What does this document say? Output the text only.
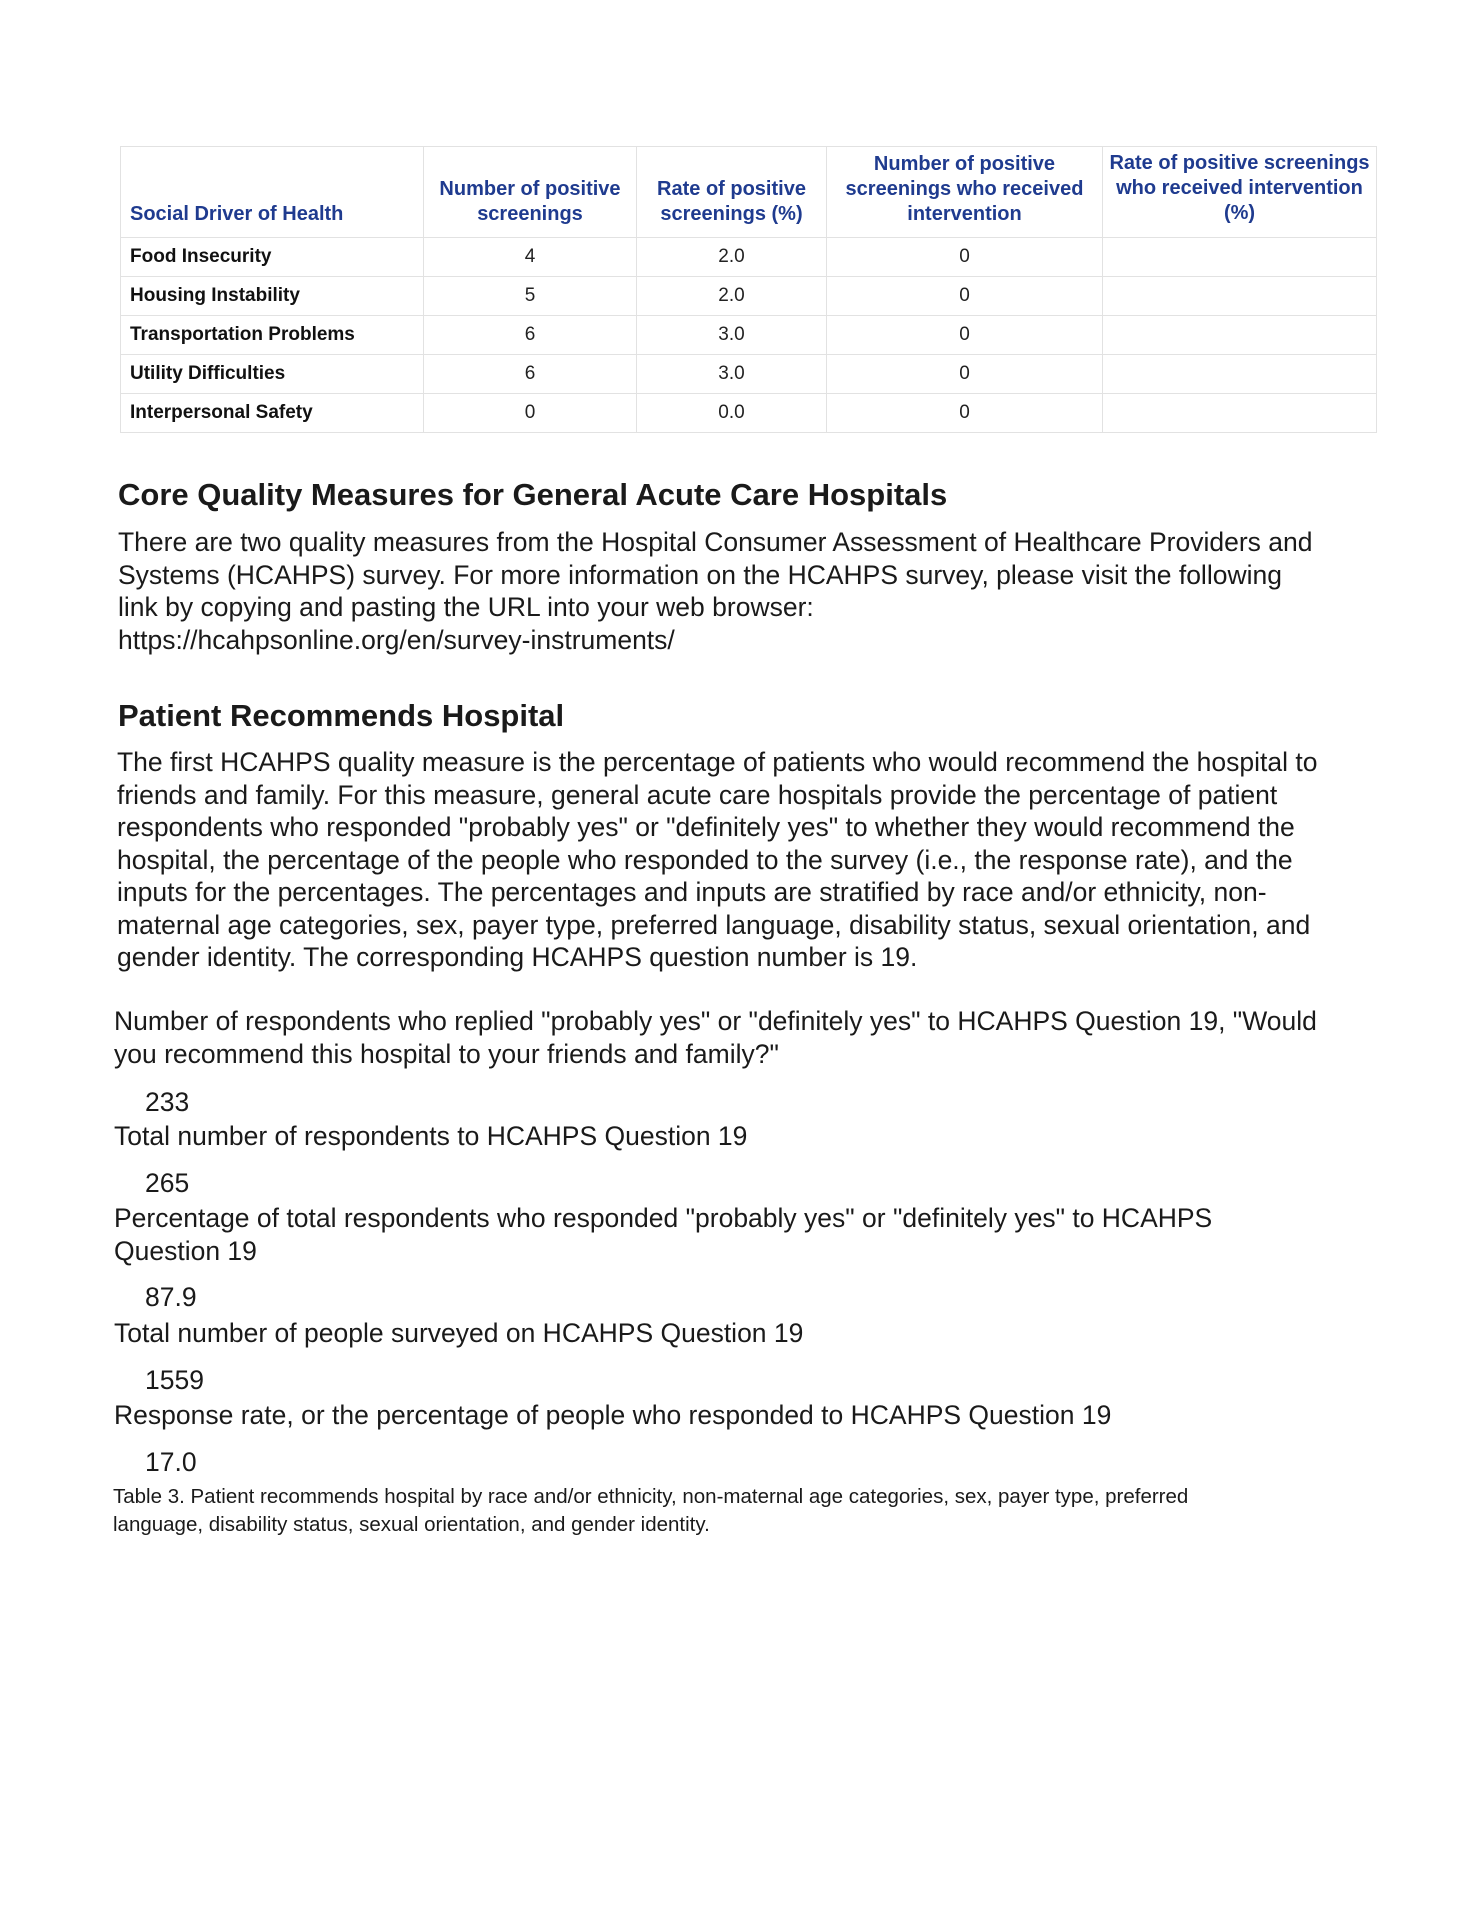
Social Driver of Health	Number of positive screenings	Rate of positive screenings (%)	Number of positive screenings who received intervention	Rate of positive screenings who received intervention (%)
Food Insecurity	4	2.0	0	
Housing Instability	5	2.0	0	
Transportation Problems	6	3.0	0	
Utility Difficulties	6	3.0	0	
Interpersonal Safety	0	0.0	0	
Core Quality Measures for General Acute Care Hospitals
There are two quality measures from the Hospital Consumer Assessment of Healthcare Providers and
Systems (HCAHPS) survey. For more information on the HCAHPS survey, please visit the following
link by copying and pasting the URL into your web browser:
https://hcahpsonline.org/en/survey-instruments/
Patient Recommends Hospital
The first HCAHPS quality measure is the percentage of patients who would recommend the hospital to
friends and family. For this measure, general acute care hospitals provide the percentage of patient
respondents who responded "probably yes" or "definitely yes" to whether they would recommend the
hospital, the percentage of the people who responded to the survey (i.e., the response rate), and the
inputs for the percentages. The percentages and inputs are stratified by race and/or ethnicity, non-
maternal age categories, sex, payer type, preferred language, disability status, sexual orientation, and
gender identity. The corresponding HCAHPS question number is 19.
Number of respondents who replied "probably yes" or "definitely yes" to HCAHPS Question 19, "Would
you recommend this hospital to your friends and family?"
233
Total number of respondents to HCAHPS Question 19
265
Percentage of total respondents who responded "probably yes" or "definitely yes" to HCAHPS
Question 19
87.9
Total number of people surveyed on HCAHPS Question 19
1559
Response rate, or the percentage of people who responded to HCAHPS Question 19
17.0
Table 3. Patient recommends hospital by race and/or ethnicity, non-maternal age categories, sex, payer type, preferred
language, disability status, sexual orientation, and gender identity.
